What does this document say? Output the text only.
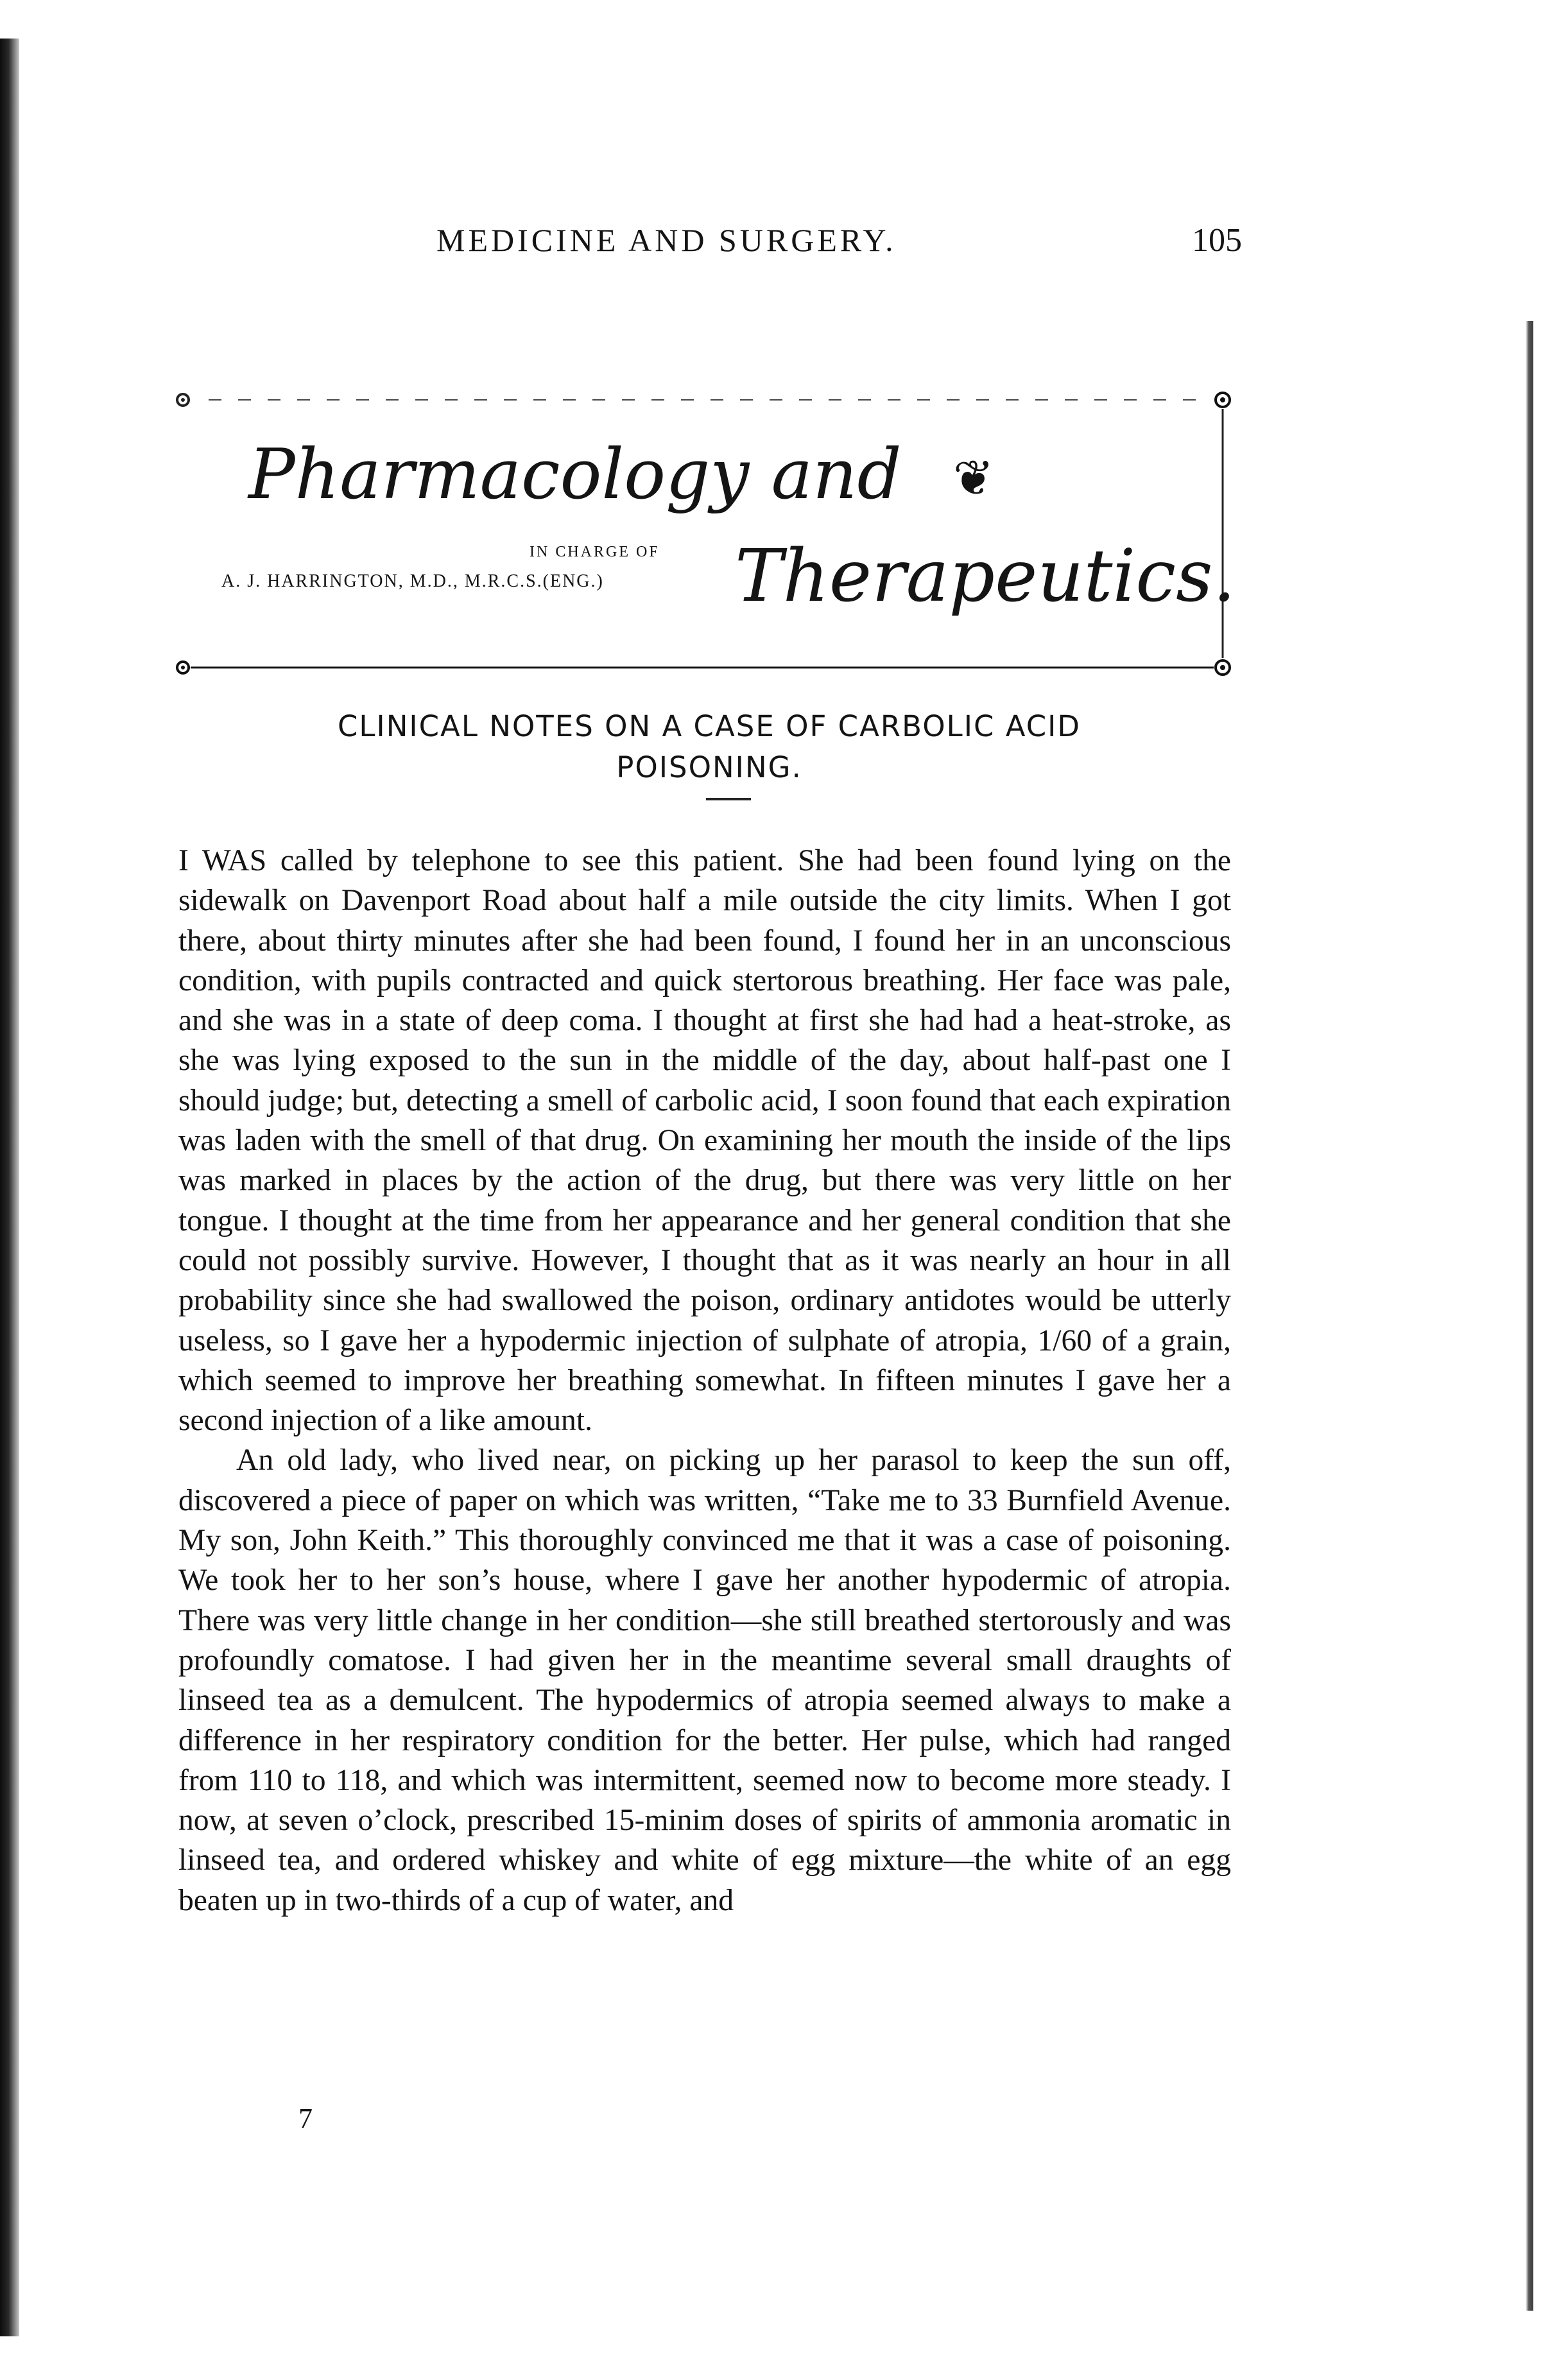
MEDICINE AND SURGERY.	105
Pharmacology and ❦
IN CHARGE OF
A. J. HARRINGTON, M.D., M.R.C.S.(ENG.) Therapeutics.
CLINICAL NOTES ON A CASE OF CARBOLIC ACID POISONING.

I WAS called by telephone to see this patient. She had been found lying on the sidewalk on Davenport Road about half a mile outside the city limits. When I got there, about thirty minutes after she had been found, I found her in an unconscious condition, with pupils contracted and quick stertorous breathing. Her face was pale, and she was in a state of deep coma. I thought at first she had had a heat-stroke, as she was lying exposed to the sun in the middle of the day, about half-past one I should judge; but, detecting a smell of carbolic acid, I soon found that each expiration was laden with the smell of that drug. On examining her mouth the inside of the lips was marked in places by the action of the drug, but there was very little on her tongue. I thought at the time from her appearance and her general condition that she could not possibly survive. However, I thought that as it was nearly an hour in all probability since she had swallowed the poison, ordinary antidotes would be utterly useless, so I gave her a hypodermic injection of sulphate of atropia, 1/60 of a grain, which seemed to improve her breathing somewhat. In fifteen minutes I gave her a second injection of a like amount.

An old lady, who lived near, on picking up her parasol to keep the sun off, discovered a piece of paper on which was written, “Take me to 33 Burnfield Avenue. My son, John Keith.” This thoroughly convinced me that it was a case of poisoning. We took her to her son’s house, where I gave her another hypodermic of atropia. There was very little change in her condition—she still breathed stertorously and was profoundly comatose. I had given her in the meantime several small draughts of linseed tea as a demulcent. The hypodermics of atropia seemed always to make a difference in her respiratory condition for the better. Her pulse, which had ranged from 110 to 118, and which was intermittent, seemed now to become more steady. I now, at seven o’clock, prescribed 15-minim doses of spirits of ammonia aromatic in linseed tea, and ordered whiskey and white of egg mixture—the white of an egg beaten up in two-thirds of a cup of water, and

7
